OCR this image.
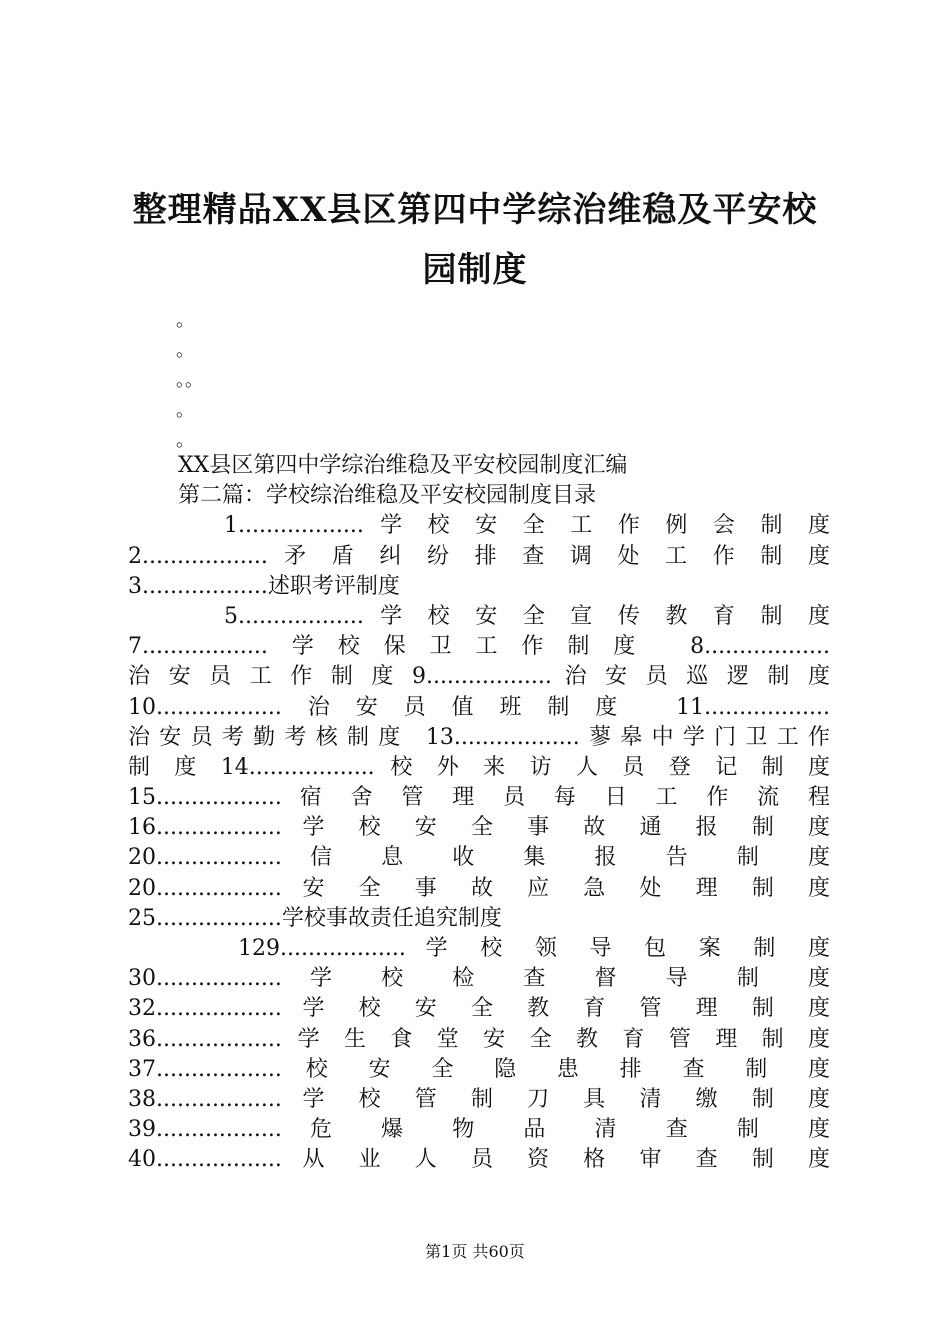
整理精品XX县区第四中学综治维稳及平安校
园制度
。
。
。。
。
。
XX县区第四中学综治维稳及平安校园制度汇编
第二篇：学校综治维稳及平安校园制度目录
1.................. 学 校 安 全 工 作 例 会 制 度
2.................. 矛 盾 纠 纷 排 查 调 处 工 作 制 度
3..................述职考评制度
5.................. 学 校 安 全 宣 传 教 育 制 度
7..................学校保卫工作制度 8..................
治 安 员 工 作 制 度 9.................. 治 安 员 巡 逻 制 度
10..................治安员值班制度 11..................
治安员考勤考核制度 13..................蓼皋中学门卫工作
制 度 14.................. 校 外 来 访 人 员 登 记 制 度
15.................. 宿 舍 管 理 员 每 日 工 作 流 程
16.................. 学 校 安 全 事 故 通 报 制 度
20.................. 信 息 收 集 报 告 制 度
20.................. 安 全 事 故 应 急 处 理 制 度
25..................学校事故责任追究制度
129.................. 学 校 领 导 包 案 制 度
30.................. 学 校 检 查 督 导 制 度
32.................. 学 校 安 全 教 育 管 理 制 度
36.................. 学 生 食 堂 安 全 教 育 管 理 制 度
37.................. 校 安 全 隐 患 排 查 制 度
38.................. 学 校 管 制 刀 具 清 缴 制 度
39.................. 危 爆 物 品 清 查 制 度
40.................. 从 业 人 员 资 格 审 查 制 度
第1页 共60页
